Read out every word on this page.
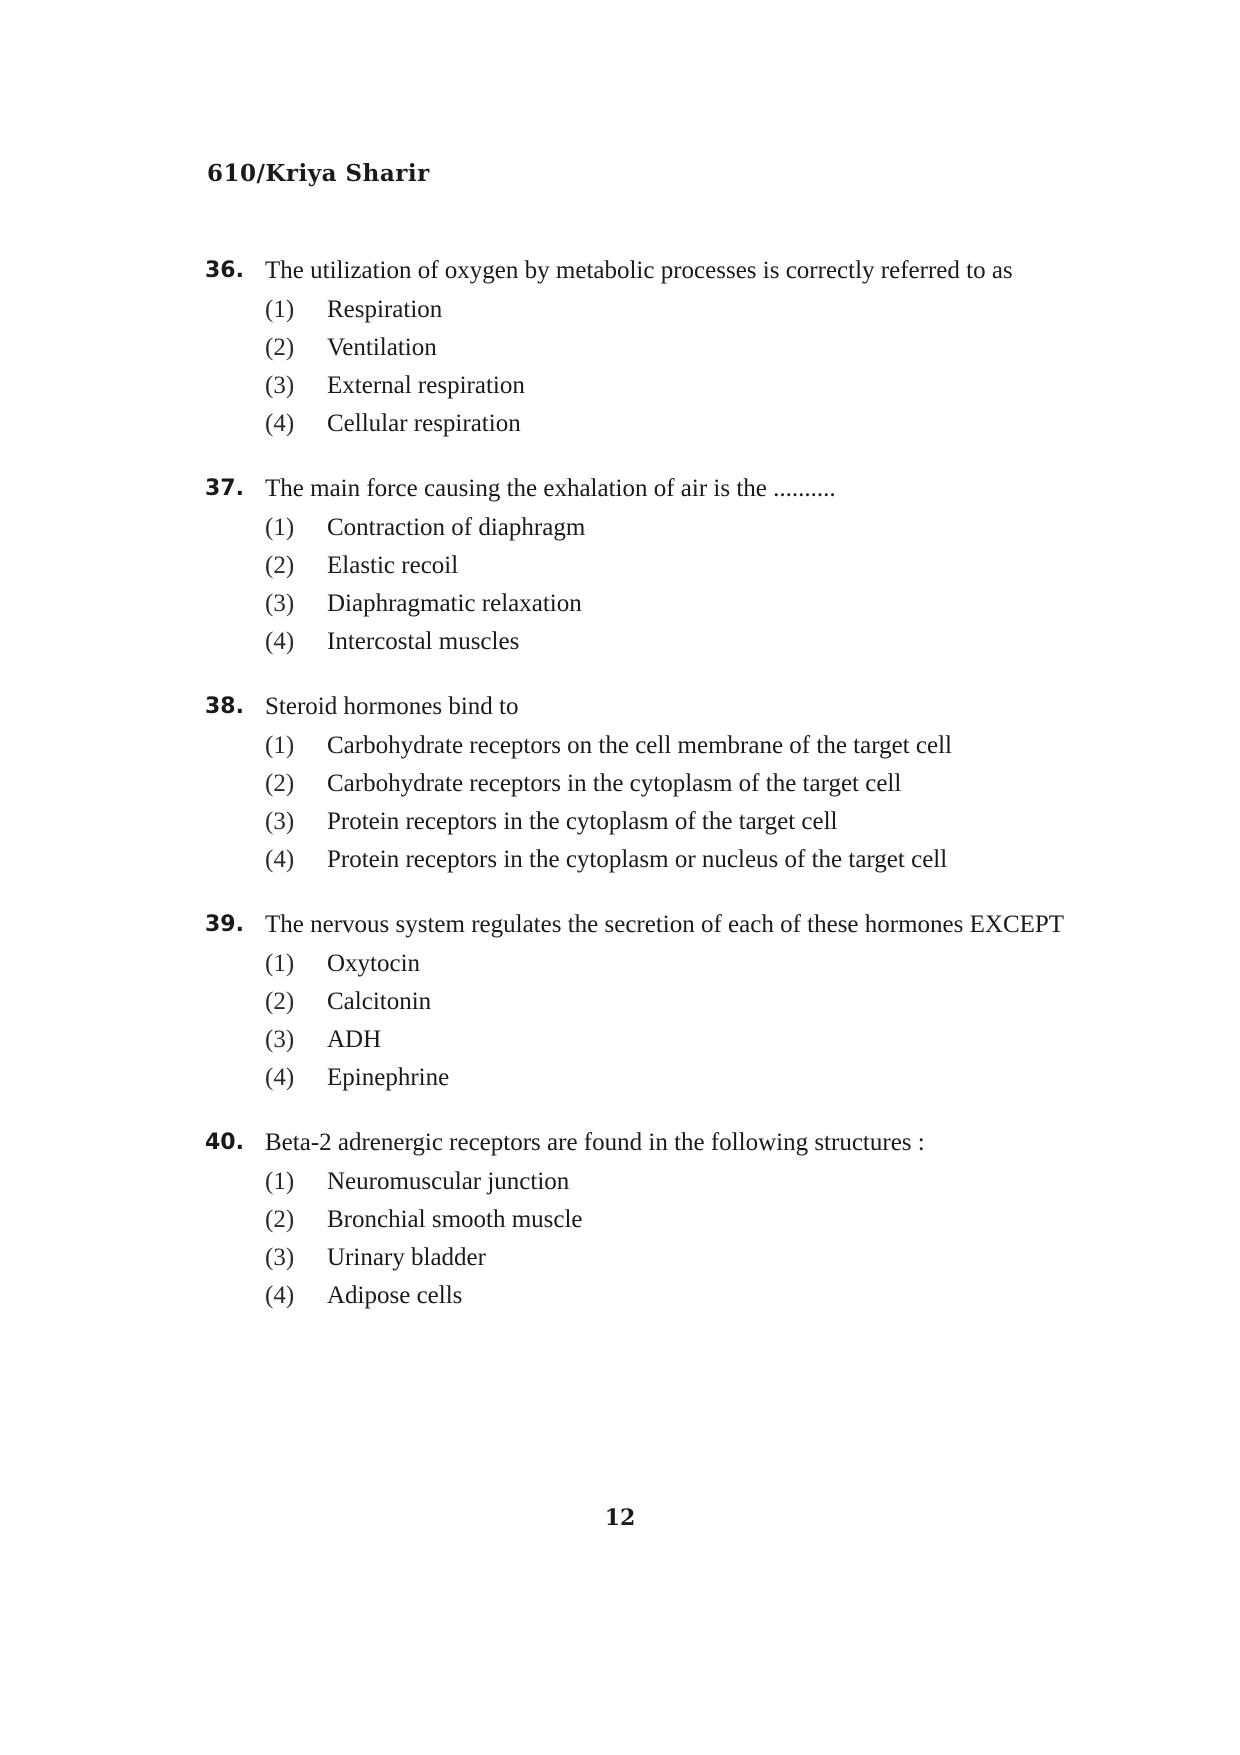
610/Kriya Sharir
36. The utilization of oxygen by metabolic processes is correctly referred to as
(1)	Respiration
(2)	Ventilation
(3)	External respiration
(4)	Cellular respiration
37. The main force causing the exhalation of air is the ..........
(1)	Contraction of diaphragm
(2)	Elastic recoil
(3)	Diaphragmatic relaxation
(4)	Intercostal muscles
38. Steroid hormones bind to
(1)	Carbohydrate receptors on the cell membrane of the target cell
(2)	Carbohydrate receptors in the cytoplasm of the target cell
(3)	Protein receptors in the cytoplasm of the target cell
(4)	Protein receptors in the cytoplasm or nucleus of the target cell
39. The nervous system regulates the secretion of each of these hormones EXCEPT
(1)	Oxytocin
(2)	Calcitonin
(3)	ADH
(4)	Epinephrine
40. Beta-2 adrenergic receptors are found in the following structures :
(1)	Neuromuscular junction
(2)	Bronchial smooth muscle
(3)	Urinary bladder
(4)	Adipose cells
12
